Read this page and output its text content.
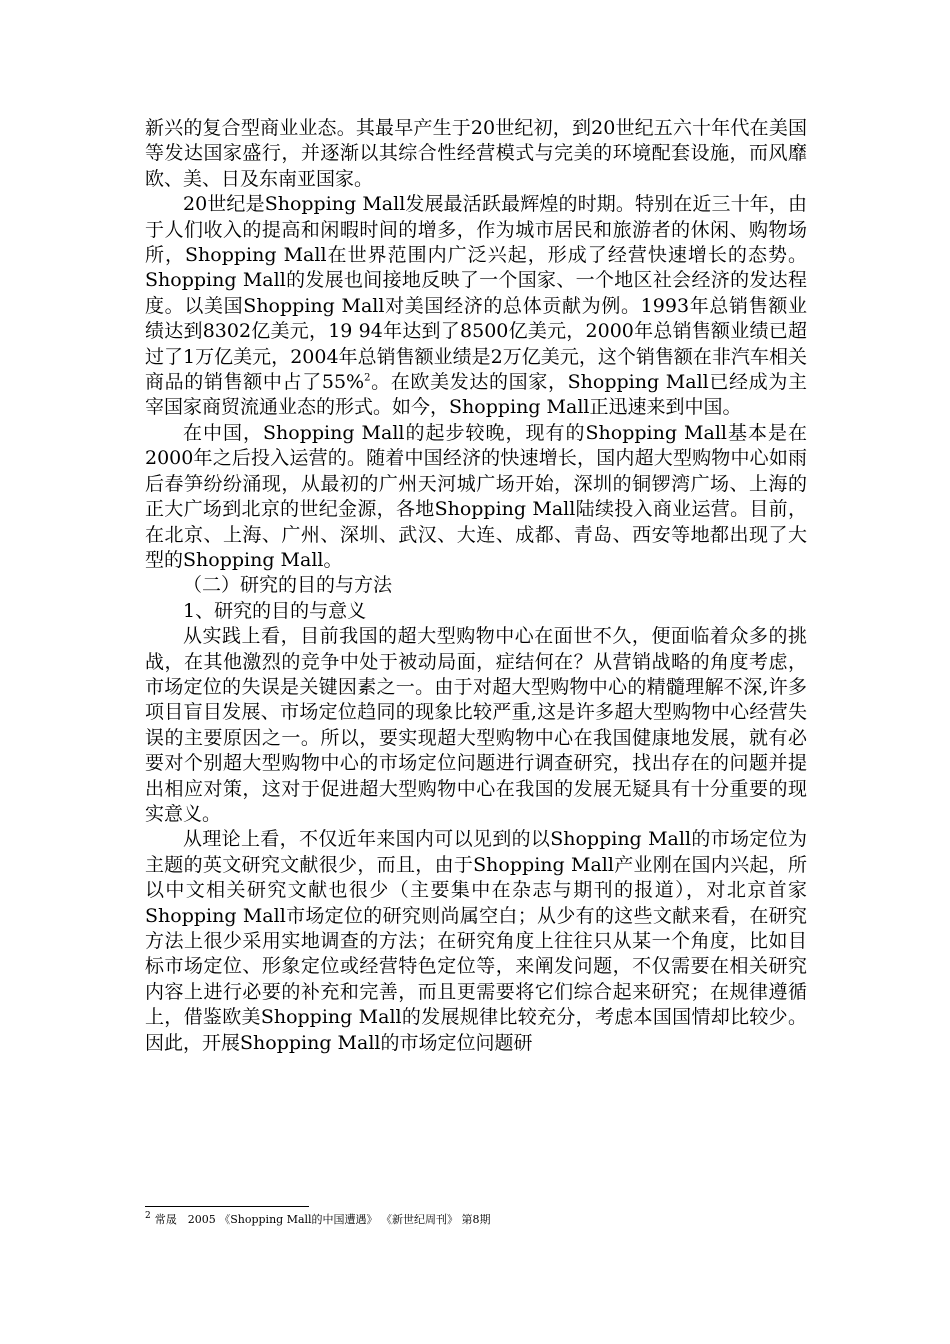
新兴的复合型商业业态。其最早产生于20世纪初，到20世纪五六十年代在美国等发达国家盛行，并逐渐以其综合性经营模式与完美的环境配套设施，而风靡欧、美、日及东南亚国家。

20世纪是Shopping Mall发展最活跃最辉煌的时期。特别在近三十年，由于人们收入的提高和闲暇时间的增多，作为城市居民和旅游者的休闲、购物场所，Shopping Mall在世界范围内广泛兴起，形成了经营快速增长的态势。Shopping Mall的发展也间接地反映了一个国家、一个地区社会经济的发达程度。以美国Shopping Mall对美国经济的总体贡献为例。1993年总销售额业绩达到8302亿美元，19 94年达到了8500亿美元，2000年总销售额业绩已超过了1万亿美元，2004年总销售额业绩是2万亿美元，这个销售额在非汽车相关商品的销售额中占了55%$^2$。在欧美发达的国家，Shopping Mall已经成为主宰国家商贸流通业态的形式。如今，Shopping Mall正迅速来到中国。

在中国，Shopping Mall的起步较晚，现有的Shopping Mall基本是在2000年之后投入运营的。随着中国经济的快速增长，国内超大型购物中心如雨后春笋纷纷涌现，从最初的广州天河城广场开始，深圳的铜锣湾广场、上海的正大广场到北京的世纪金源，各地Shopping Mall陆续投入商业运营。目前，在北京、上海、广州、深圳、武汉、大连、成都、青岛、西安等地都出现了大型的Shopping Mall。

（二）研究的目的与方法

1、研究的目的与意义

从实践上看，目前我国的超大型购物中心在面世不久，便面临着众多的挑战，在其他激烈的竞争中处于被动局面，症结何在？从营销战略的角度考虑，市场定位的失误是关键因素之一。由于对超大型购物中心的精髓理解不深,许多项目盲目发展、市场定位趋同的现象比较严重,这是许多超大型购物中心经营失误的主要原因之一。所以，要实现超大型购物中心在我国健康地发展，就有必要对个别超大型购物中心的市场定位问题进行调查研究，找出存在的问题并提出相应对策，这对于促进超大型购物中心在我国的发展无疑具有十分重要的现实意义。

从理论上看，不仅近年来国内可以见到的以Shopping Mall的市场定位为主题的英文研究文献很少，而且，由于Shopping Mall产业刚在国内兴起，所以中文相关研究文献也很少（主要集中在杂志与期刊的报道），对北京首家Shopping Mall市场定位的研究则尚属空白；从少有的这些文献来看，在研究方法上很少采用实地调查的方法；在研究角度上往往只从某一个角度，比如目标市场定位、形象定位或经营特色定位等，来阐发问题，不仅需要在相关研究内容上进行必要的补充和完善，而且更需要将它们综合起来研究；在规律遵循上，借鉴欧美Shopping Mall的发展规律比较充分，考虑本国国情却比较少。因此，开展Shopping Mall的市场定位问题研

$^2$ 常晟　2005 《Shopping Mall的中国遭遇》 《新世纪周刊》 第8期
